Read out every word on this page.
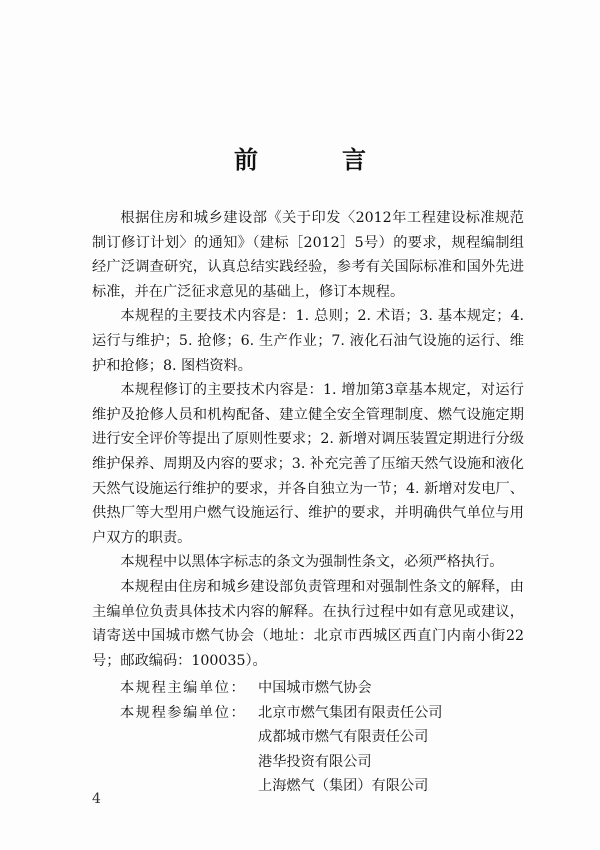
前　言

根据住房和城乡建设部《关于印发〈2012年工程建设标准规范制订修订计划〉的通知》（建标［2012］5号）的要求，规程编制组经广泛调查研究，认真总结实践经验，参考有关国际标准和国外先进标准，并在广泛征求意见的基础上，修订本规程。

本规程的主要技术内容是：1. 总则；2. 术语；3. 基本规定；4. 运行与维护；5. 抢修；6. 生产作业；7. 液化石油气设施的运行、维护和抢修；8. 图档资料。

本规程修订的主要技术内容是：1. 增加第3章基本规定，对运行维护及抢修人员和机构配备、建立健全安全管理制度、燃气设施定期进行安全评价等提出了原则性要求；2. 新增对调压装置定期进行分级维护保养、周期及内容的要求；3. 补充完善了压缩天然气设施和液化天然气设施运行维护的要求，并各自独立为一节；4. 新增对发电厂、供热厂等大型用户燃气设施运行、维护的要求，并明确供气单位与用户双方的职责。

本规程中以黑体字标志的条文为强制性条文，必须严格执行。

本规程由住房和城乡建设部负责管理和对强制性条文的解释，由主编单位负责具体技术内容的解释。在执行过程中如有意见或建议，请寄送中国城市燃气协会（地址：北京市西城区西直门内南小街22号；邮政编码：100035）。

本规程主编单位： 中国城市燃气协会
本规程参编单位： 北京市燃气集团有限责任公司
成都城市燃气有限责任公司
港华投资有限公司
上海燃气（集团）有限公司
4
